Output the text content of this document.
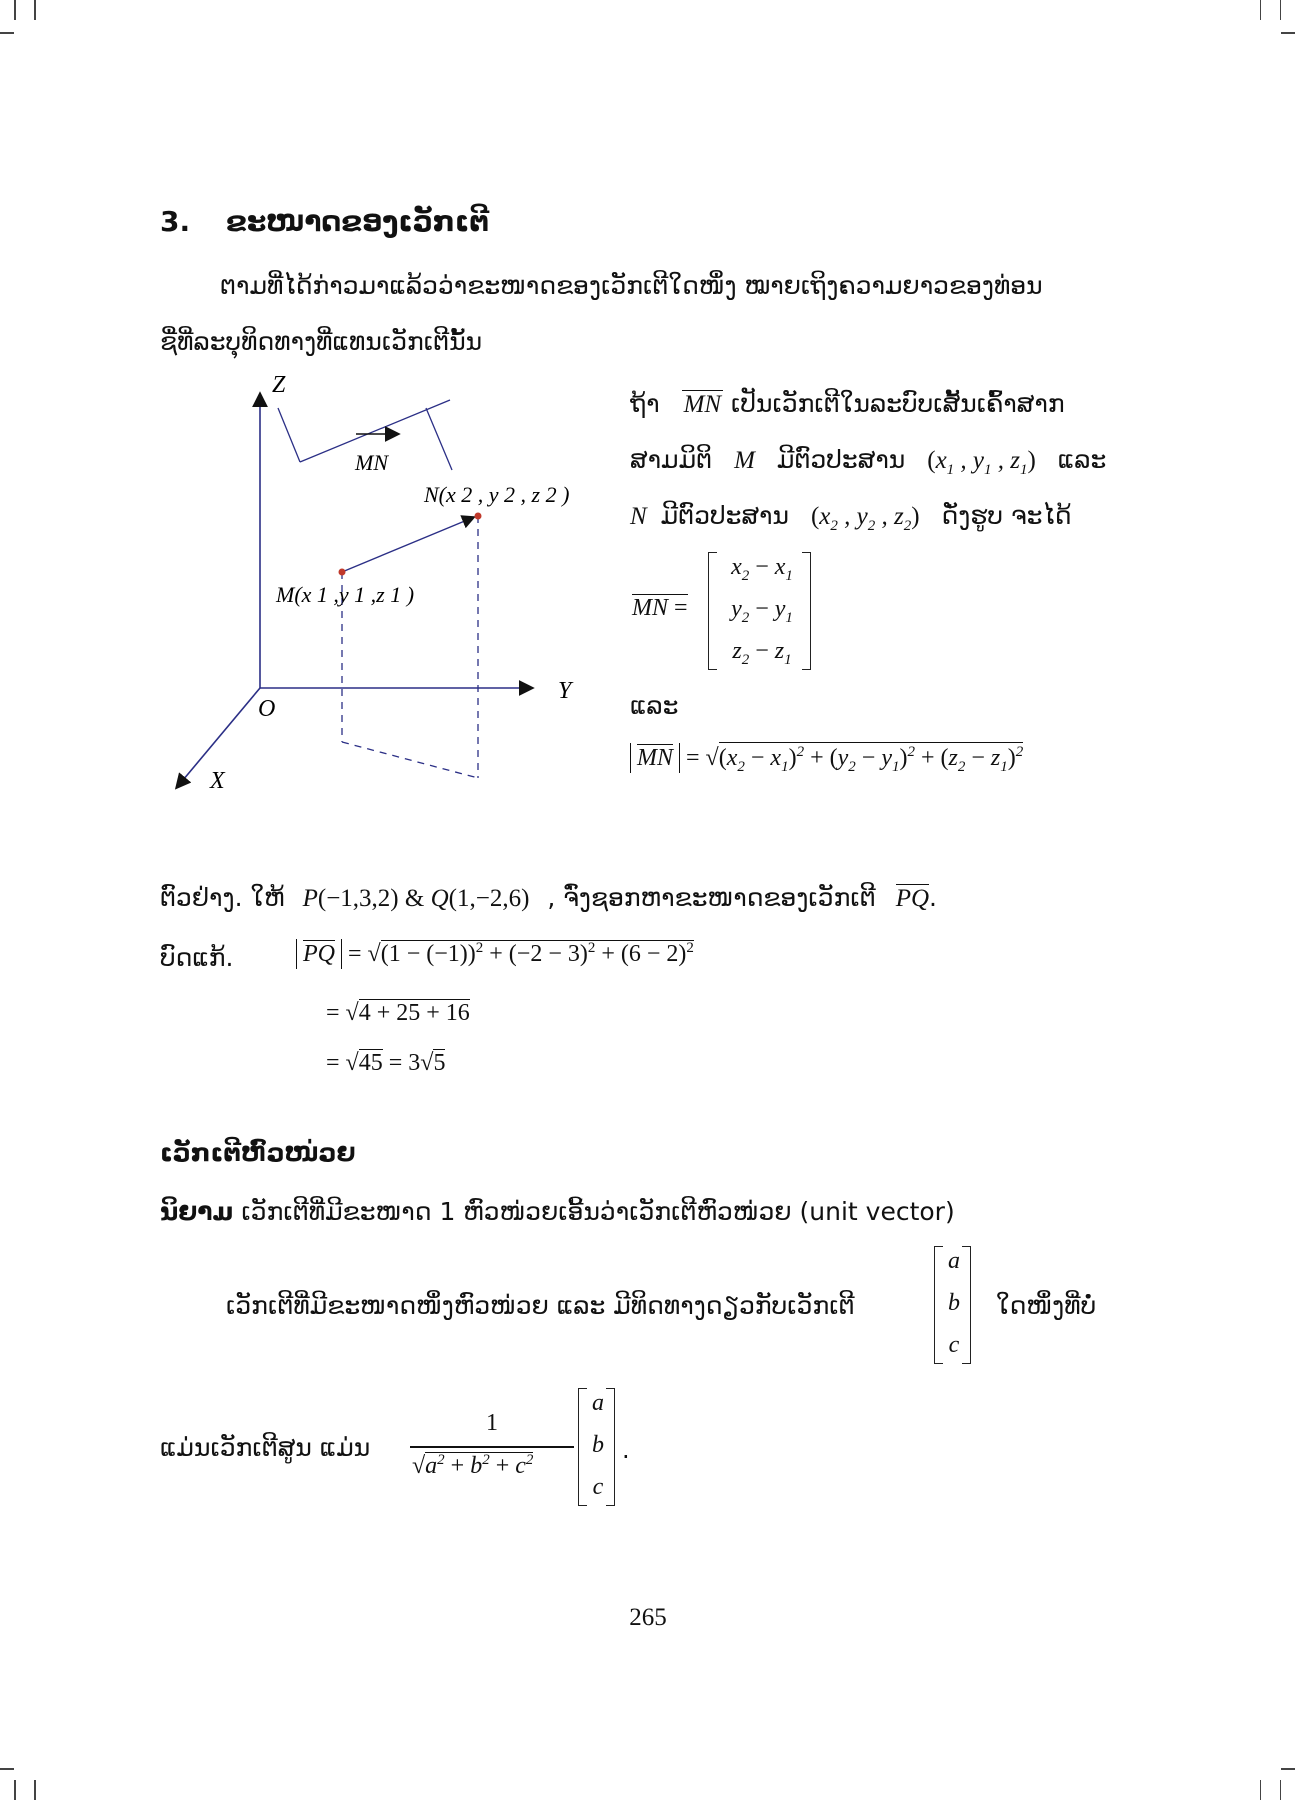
3. ຂະໜາດຂອງເວັກເຕີ
ຕາມທີ່ໄດ້ກ່າວມາແລ້ວວ່າຂະໜາດຂອງເວັກເຕີໃດໜຶ່ງ ໝາຍເຖິງຄວາມຍາວຂອງທ່ອນ
ຊື່ທີ່ລະບຸທິດທາງທີ່ແທນເວັກເຕີນັ້ນ
Z
Y
X
O
MN
N(x 2 , y 2 , z 2 )
M(x 1 ,y 1 ,z 1 )
ຖ້າ MN ເປັນເວັກເຕີໃນລະບົບເສັ້ນເຄົ້າສາກ
ສາມມິຕິ M ມີຕົວປະສານ ($x_1$ , $y_1$ , $z_1$) ແລະ
N ມີຕົວປະສານ ($x_2$ , $y_2$ , $z_2$) ດັ່ງຮູບ ຈະໄດ້
MN =
$x_2 - x_1$
$y_2 - y_1$
$z_2 - z_1$
ແລະ
MN = $√(x_2 - x_1)^2 + (y_2 - y_1)^2 + (z_2 - z_1)^2$
ຕົວຢ່າງ. ໃຫ້ P(−1,3,2) & Q(1,−2,6) , ຈົ່ງຊອກຫາຂະໜາດຂອງເວັກເຕີ PQ.
ບົດແກ້.	PQ = $√(1 - (-1))^2 + (-2 - 3)^2 + (6 - 2)^2$
= √4 + 25 + 16
= √45 = 3√5
ເວັກເຕີຫົວໜ່ວຍ
ນິຍາມ ເວັກເຕີທີ່ມີຂະໜາດ 1 ຫົວໜ່ວຍເອີ້ນວ່າເວັກເຕີຫົວໜ່ວຍ (unit vector)
ເວັກເຕີທີ່ມີຂະໜາດໜຶ່ງຫົວໜ່ວຍ ແລະ ມີທິດທາງດຽວກັບເວັກເຕີ
a
b
c
ໃດໜຶ່ງທີ່ບໍ່
ແມ່ນເວັກເຕີສູນ ແມ່ນ
1
$√a^2 + b^2 + c^2$
a
b
c
.
265
